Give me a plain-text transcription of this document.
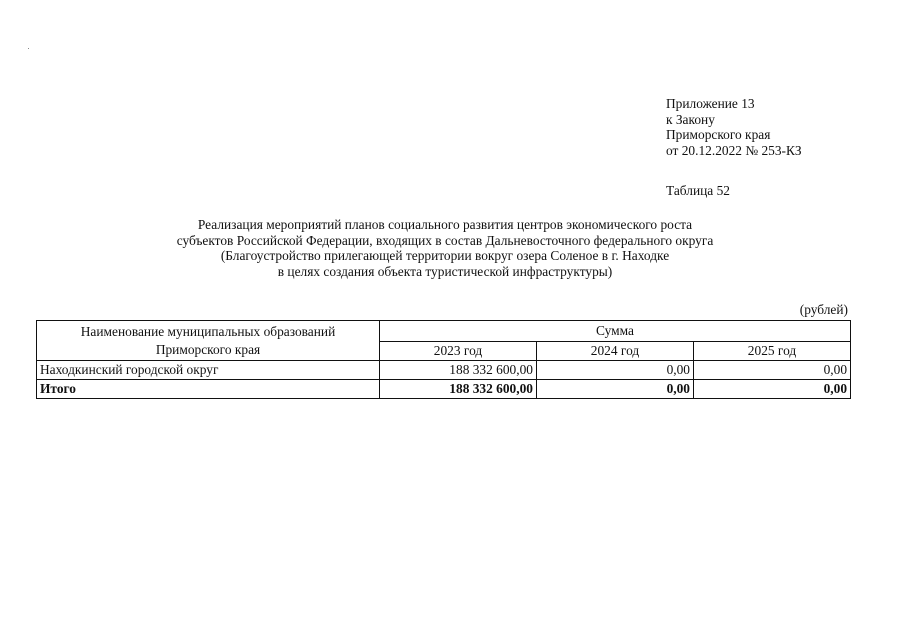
Приложение 13
к Закону
Приморского края
от 20.12.2022 № 253-КЗ
Таблица 52
Реализация мероприятий планов социального развития центров экономического роста
субъектов Российской Федерации, входящих в состав Дальневосточного федерального округа
(Благоустройство прилегающей территории вокруг озера Соленое в г. Находке
в целях создания объекта туристической инфраструктуры)
(рублей)
Наименование муниципальных образований
Приморского края	Сумма		
	2023 год	2024 год	2025 год
Находкинский городской округ	188 332 600,00	0,00	0,00
Итого	188 332 600,00	0,00	0,00
